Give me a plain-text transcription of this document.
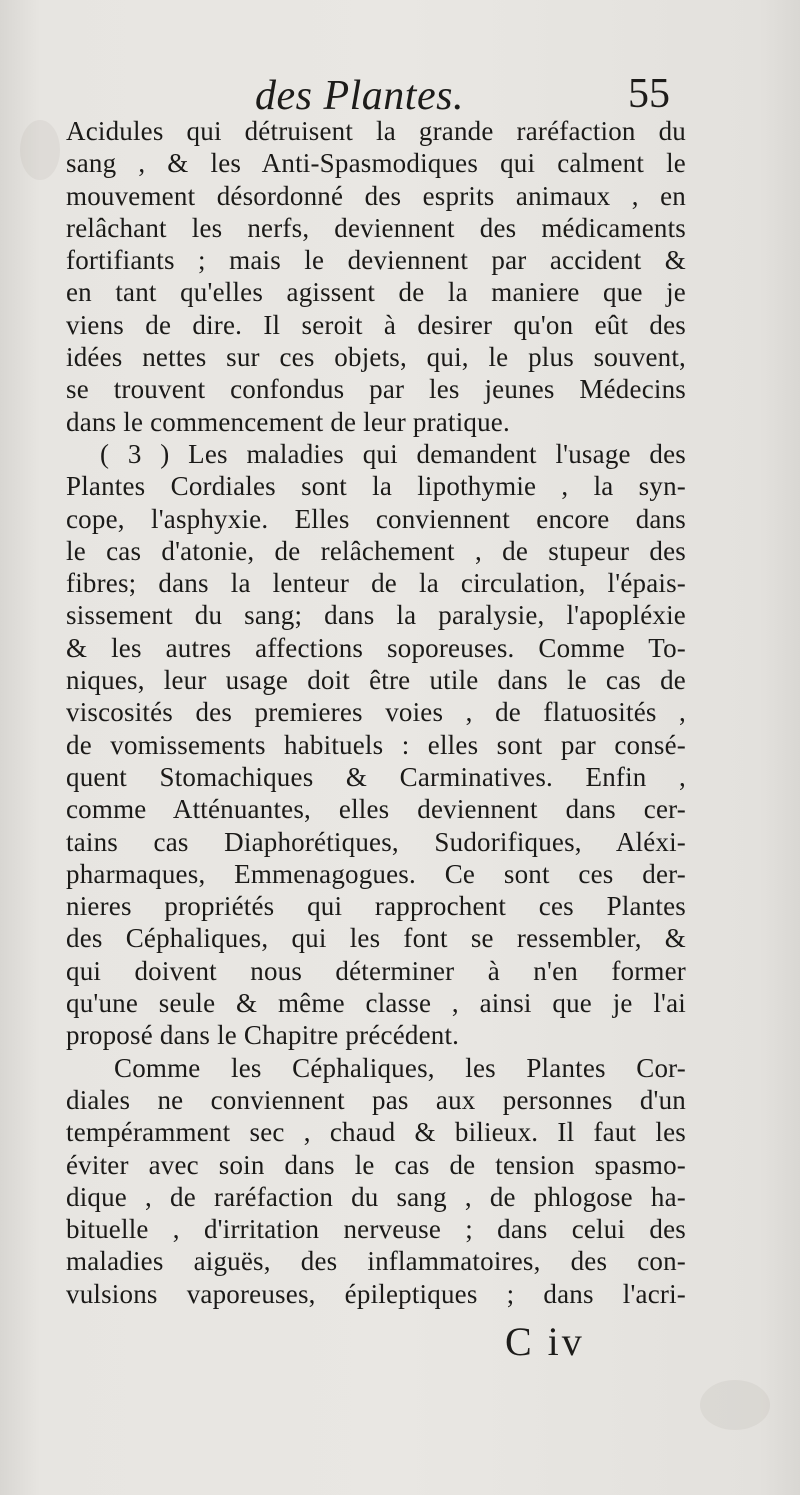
des Plantes.	55
Acidules qui détruisent la grande raréfaction du
sang , & les Anti-Spasmodiques qui calment le
mouvement désordonné des esprits animaux , en
relâchant les nerfs, deviennent des médicaments
fortifiants ; mais le deviennent par accident &
en tant qu'elles agissent de la maniere que je
viens de dire. Il seroit à desirer qu'on eût des
idées nettes sur ces objets, qui, le plus souvent,
se trouvent confondus par les jeunes Médecins
dans le commencement de leur pratique.
( 3 ) Les maladies qui demandent l'usage des
Plantes Cordiales sont la lipothymie , la syn-
cope, l'asphyxie. Elles conviennent encore dans
le cas d'atonie, de relâchement , de stupeur des
fibres; dans la lenteur de la circulation, l'épais-
sissement du sang; dans la paralysie, l'apopléxie
& les autres affections soporeuses. Comme To-
niques, leur usage doit être utile dans le cas de
viscosités des premieres voies , de flatuosités ,
de vomissements habituels : elles sont par consé-
quent Stomachiques & Carminatives. Enfin ,
comme Atténuantes, elles deviennent dans cer-
tains cas Diaphorétiques, Sudorifiques, Aléxi-
pharmaques, Emmenagogues. Ce sont ces der-
nieres propriétés qui rapprochent ces Plantes
des Céphaliques, qui les font se ressembler, &
qui doivent nous déterminer à n'en former
qu'une seule & même classe , ainsi que je l'ai
proposé dans le Chapitre précédent.
Comme les Céphaliques, les Plantes Cor-
diales ne conviennent pas aux personnes d'un
tempéramment sec , chaud & bilieux. Il faut les
éviter avec soin dans le cas de tension spasmo-
dique , de raréfaction du sang , de phlogose ha-
bituelle , d'irritation nerveuse ; dans celui des
maladies aiguës, des inflammatoires, des con-
vulsions vaporeuses, épileptiques ; dans l'acri-
C iv
